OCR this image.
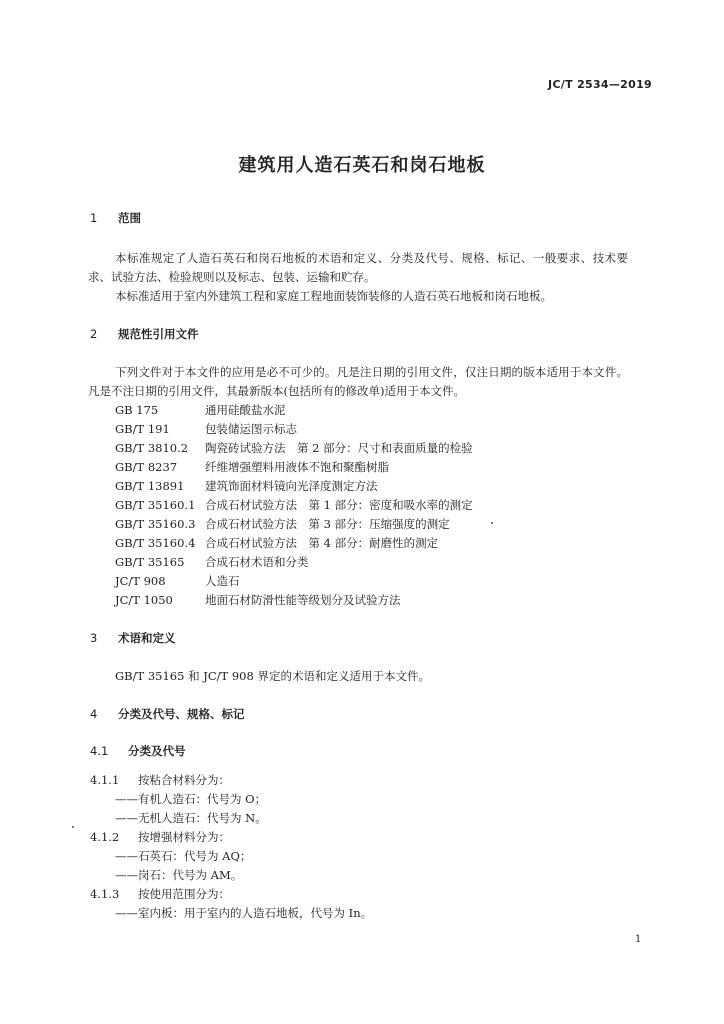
JC/T 2534—2019
建筑用人造石英石和岗石地板
1 范围
本标准规定了人造石英石和岗石地板的术语和定义、分类及代号、规格、标记、一般要求、技术要
求、试验方法、检验规则以及标志、包装、运输和贮存。
本标准适用于室内外建筑工程和家庭工程地面装饰装修的人造石英石地板和岗石地板。
2 规范性引用文件
下列文件对于本文件的应用是必不可少的。凡是注日期的引用文件，仅注日期的版本适用于本文件。
凡是不注日期的引用文件，其最新版本(包括所有的修改单)适用于本文件。
GB 175	通用硅酸盐水泥
GB/T 191	包装储运图示标志
GB/T 3810.2 陶瓷砖试验方法　第 2 部分：尺寸和表面质量的检验
GB/T 8237 纤维增强塑料用液体不饱和聚酯树脂
GB/T 13891 建筑饰面材料镜向光泽度测定方法
GB/T 35160.1 合成石材试验方法　第 1 部分：密度和吸水率的测定
GB/T 35160.3 合成石材试验方法　第 3 部分：压缩强度的测定
GB/T 35160.4 合成石材试验方法　第 4 部分：耐磨性的测定
GB/T 35165 合成石材术语和分类
JC/T 908	人造石
JC/T 1050	地面石材防滑性能等级划分及试验方法
3 术语和定义
GB/T 35165 和 JC/T 908 界定的术语和定义适用于本文件。
4 分类及代号、规格、标记
4.1 分类及代号
4.1.1 按粘合材料分为：
——有机人造石：代号为 O；
——无机人造石：代号为 N。
4.1.2 按增强材料分为：
——石英石：代号为 AQ；
——岗石：代号为 AM。
4.1.3 按使用范围分为：
——室内板：用于室内的人造石地板，代号为 In。
1
